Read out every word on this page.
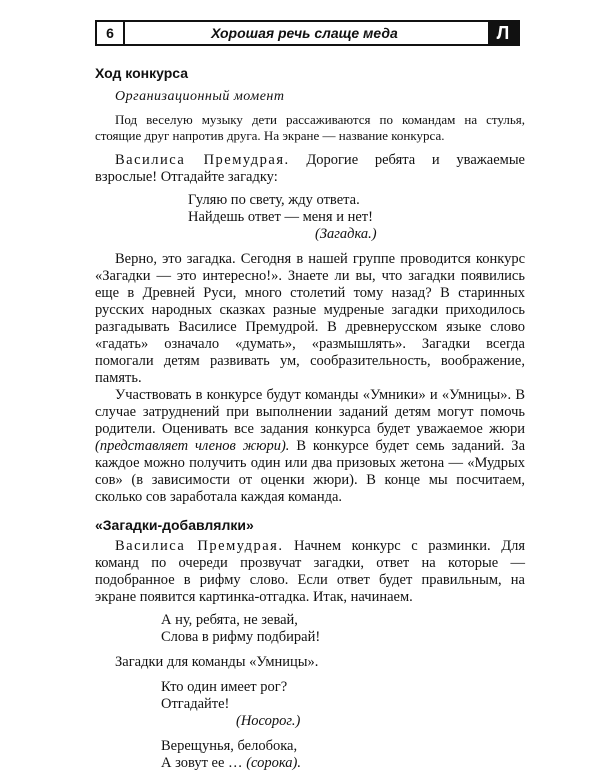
6	Хорошая речь слаще меда	Л
Ход конкурса
Организационный момент

Под веселую музыку дети рассаживаются по командам на стулья, стоящие друг напротив друга. На экране — название конкурса.

Василиса Премудрая. Дорогие ребята и уважаемые взрослые! Отгадайте загадку:

Гуляю по свету, жду ответа.
Найдешь ответ — меня и нет!
(Загадка.)

Верно, это загадка. Сегодня в нашей группе проводится конкурс «Загадки — это интересно!». Знаете ли вы, что загадки появились еще в Древней Руси, много столетий тому назад? В старинных русских народных сказках разные мудреные загадки приходилось разгадывать Василисе Премудрой. В древнерусском языке слово «гадать» означало «думать», «размышлять». Загадки всегда помогали детям развивать ум, сообразительность, воображение, память.

Участвовать в конкурсе будут команды «Умники» и «Умницы». В случае затруднений при выполнении заданий детям могут помочь родители. Оценивать все задания конкурса будет уважаемое жюри (представляет членов жюри). В конкурсе будет семь заданий. За каждое можно получить один или два призовых жетона — «Мудрых сов» (в зависимости от оценки жюри). В конце мы посчитаем, сколько сов заработала каждая команда.

«Загадки-добавлялки»

Василиса Премудрая. Начнем конкурс с разминки. Для команд по очереди прозвучат загадки, ответ на которые — подобранное в рифму слово. Если ответ будет правильным, на экране появится картинка-отгадка. Итак, начинаем.

А ну, ребята, не зевай,
Слова в рифму подбирай!

Загадки для команды «Умницы».

Кто один имеет рог?
Отгадайте!
(Носорог.)
Верещунья, белобока,
А зовут ее … (сорока).
